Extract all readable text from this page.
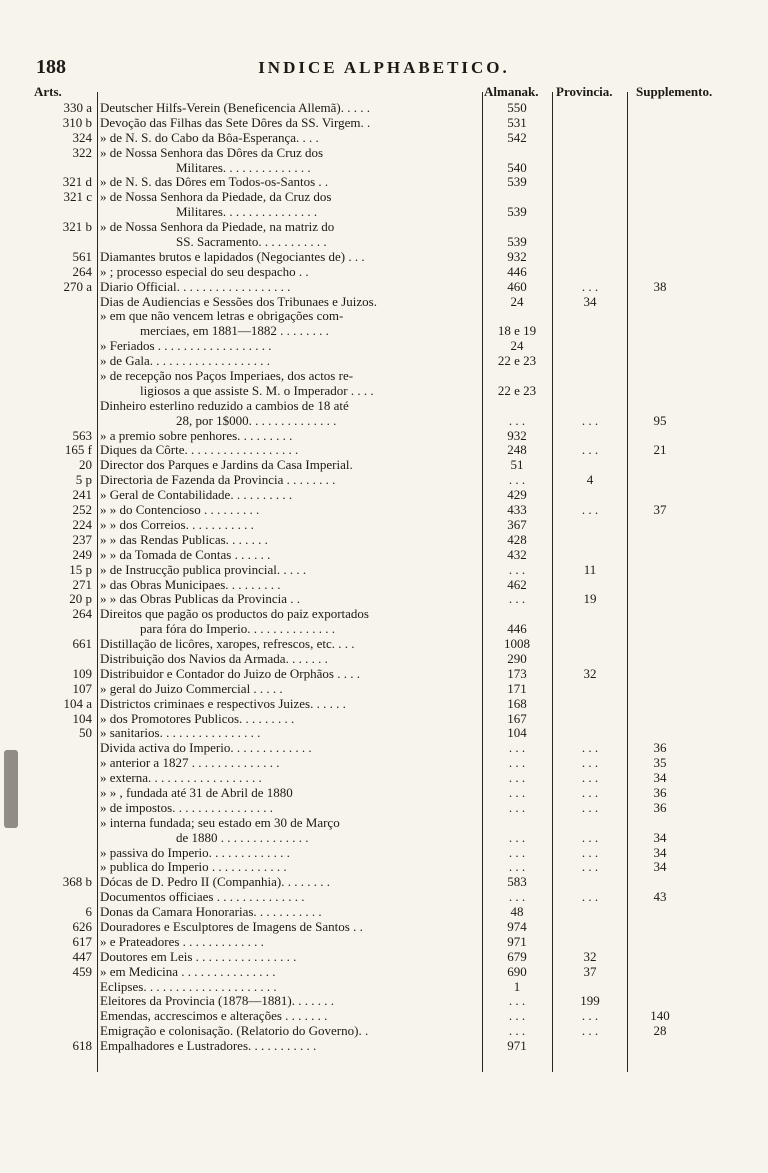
188	INDICE ALPHABETICO.
Arts.	Almanak. Provincia. Supplemento.
330 a Deutscher Hilfs-Verein (Beneficencia Allemã). . . . .	550
310 b Devoção das Filhas das Sete Dôres da SS. Virgem. .	531
324 » de N. S. do Cabo da Bôa-Esperança. . . .	542
322 » de Nossa Senhora das Dôres da Cruz dos
Militares. . . . . . . . . . . . . .	540
321 d » de N. S. das Dôres em Todos-os-Santos . .	539
321 c » de Nossa Senhora da Piedade, da Cruz dos
Militares. . . . . . . . . . . . . . .	539
321 b » de Nossa Senhora da Piedade, na matriz do
SS. Sacramento. . . . . . . . . . .	539
561 Diamantes brutos e lapidados (Negociantes de) . . .	932
264 » ; processo especial do seu despacho . .	446
270 a Diario Official. . . . . . . . . . . . . . . . . .	460	. . .	38
Dias de Audiencias e Sessões dos Tribunaes e Juizos.	24	34
» em que não vencem letras e obrigações com-
merciaes, em 1881—1882 . . . . . . . .	18 e 19
» Feriados . . . . . . . . . . . . . . . . . .	24
» de Gala. . . . . . . . . . . . . . . . . . .	22 e 23
» de recepção nos Paços Imperiaes, dos actos re-
ligiosos a que assiste S. M. o Imperador . . . .	22 e 23
Dinheiro esterlino reduzido a cambios de 18 até
28, por 1$000. . . . . . . . . . . . . .	. . .	. . .	95
563 » a premio sobre penhores. . . . . . . . .	932
165 f Diques da Côrte. . . . . . . . . . . . . . . . . .	248	. . .	21
20 Director dos Parques e Jardins da Casa Imperial.	51
5 p Directoria de Fazenda da Provincia . . . . . . . .	. . .	4
241 » Geral de Contabilidade. . . . . . . . . .	429
252 » » do Contencioso . . . . . . . . .	433	. . .	37
224 » » dos Correios. . . . . . . . . . .	367
237 » » das Rendas Publicas. . . . . . .	428
249 » » da Tomada de Contas . . . . . .	432
15 p » de Instrucção publica provincial. . . . .	. . .	11
271 » das Obras Municipaes. . . . . . . . .	462
20 p » » das Obras Publicas da Provincia . .	. . .	19
264 Direitos que pagão os productos do paiz exportados
para fóra do Imperio. . . . . . . . . . . . . .	446
661 Distillação de licôres, xaropes, refrescos, etc. . . .	1008
Distribuição dos Navios da Armada. . . . . . .	290
109 Distribuidor e Contador do Juizo de Orphãos . . . .	173	32
107 » geral do Juizo Commercial . . . . .	171
104 a Districtos criminaes e respectivos Juizes. . . . . .	168
104 » dos Promotores Publicos. . . . . . . . .	167
50 » sanitarios. . . . . . . . . . . . . . . .	104
Divida activa do Imperio. . . . . . . . . . . . .	. . .	. . .	36
» anterior a 1827 . . . . . . . . . . . . . .	. . .	. . .	35
» externa. . . . . . . . . . . . . . . . . .	. . .	. . .	34
» » , fundada até 31 de Abril de 1880	. . .	. . .	36
» de impostos. . . . . . . . . . . . . . . .	. . .	. . .	36
» interna fundada; seu estado em 30 de Março
de 1880 . . . . . . . . . . . . . .	. . .	. . .	34
» passiva do Imperio. . . . . . . . . . . . .	. . .	. . .	34
» publica do Imperio . . . . . . . . . . . .	. . .	. . .	34
368 b Dócas de D. Pedro II (Companhia). . . . . . . .	583
Documentos officiaes . . . . . . . . . . . . . .	. . .	. . .	43
6 Donas da Camara Honorarias. . . . . . . . . . .	48
626 Douradores e Esculptores de Imagens de Santos . .	974
617 » e Prateadores . . . . . . . . . . . . .	971
447 Doutores em Leis . . . . . . . . . . . . . . . .	679	32
459 » em Medicina . . . . . . . . . . . . . . .	690	37
Eclipses. . . . . . . . . . . . . . . . . . . . .	1
Eleitores da Provincia (1878—1881). . . . . . .	. . .	199
Emendas, accrescimos e alterações . . . . . . .	. . .	. . .	140
Emigração e colonisação. (Relatorio do Governo). .	. . .	. . .	28
618 Empalhadores e Lustradores. . . . . . . . . . .	971
